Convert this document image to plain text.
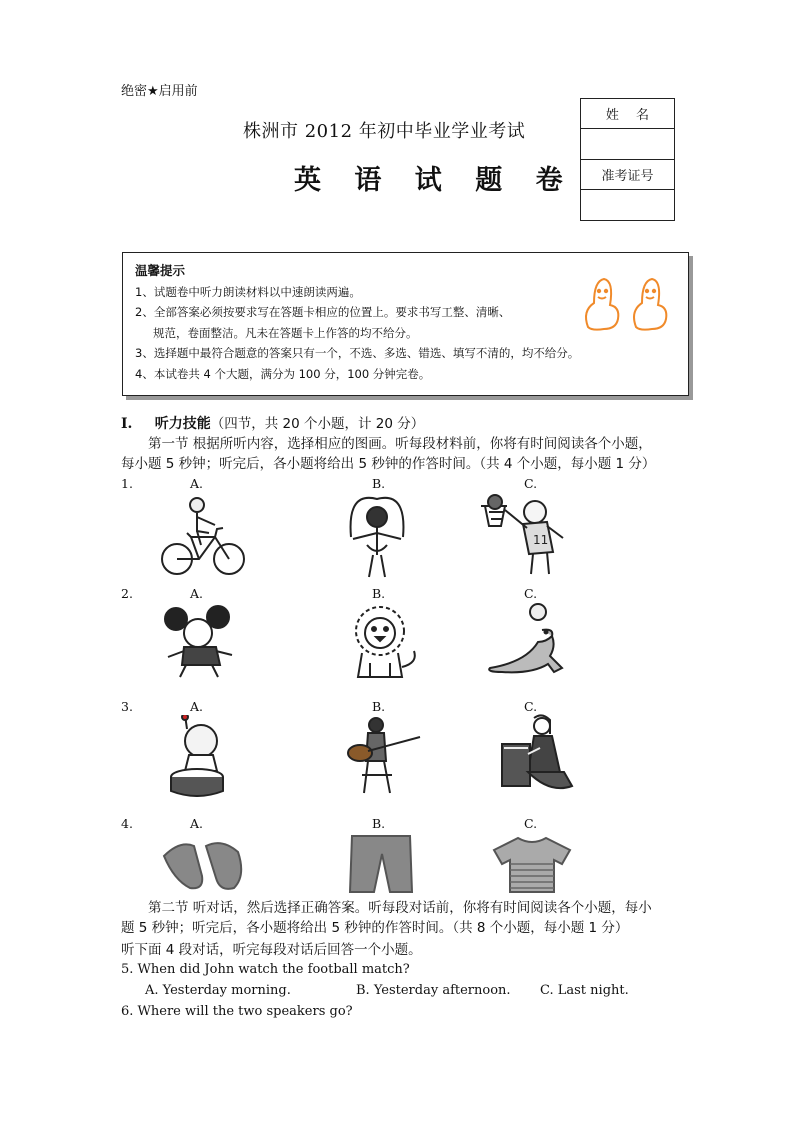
绝密★启用前
株洲市 2012 年初中毕业学业考试
英 语 试 题 卷
姓　 名

准考证号

温馨提示
1、试题卷中听力朗读材料以中速朗读两遍。
2、全部答案必须按要求写在答题卡相应的位置上。要求书写工整、清晰、
规范，卷面整洁。凡未在答题卡上作答的均不给分。
3、选择题中最符合题意的答案只有一个，不选、多选、错选、填写不清的，均不给分。
4、本试卷共 4 个大题，满分为 100 分，100 分钟完卷。
I. 听力技能（四节，共 20 个小题，计 20 分）
第一节 根据所听内容，选择相应的图画。听每段材料前，你将有时间阅读各个小题，
每小题 5 秒钟；听完后，各小题将给出 5 秒钟的作答时间。（共 4 个小题，每小题 1 分）
1.	A.	B.	C.
11
2.	A.	B.	C.
3.	A.	B.	C.
4.	A.	B.	C.
第二节 听对话，然后选择正确答案。听每段对话前，你将有时间阅读各个小题，每小
题 5 秒钟；听完后，各小题将给出 5 秒钟的作答时间。（共 8 个小题，每小题 1 分）
听下面 4 段对话，听完每段对话后回答一个小题。
5. When did John watch the football match?
A. Yesterday morning.	B. Yesterday afternoon. C. Last night.
6. Where will the two speakers go?
